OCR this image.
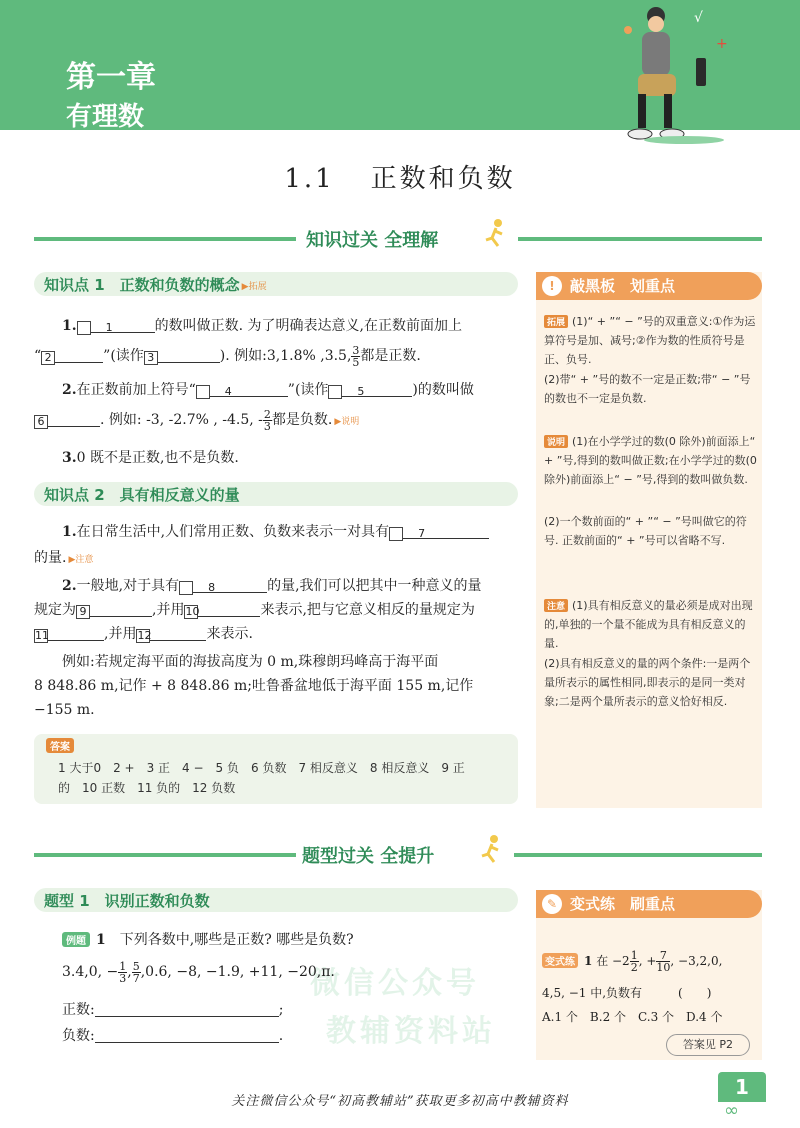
第一章
有理数
√
+
1.1 正数和负数
知识过关 全理解
知识点 1　正数和负数的概念 ▶拓展
1.	1	的数叫做正数. 为了明确表达意义,在正数前面加上
“ 2	”(读作 3	). 例如:3,1.8% ,3.5, $\frac{3}{5}$ 都是正数.
2.在正数前加上符号“	4	”(读作	5	)的数叫做
6	. 例如: -3, -2.7% , -4.5, - $\frac{2}{3}$ 都是负数. ▶说明
3.0 既不是正数,也不是负数.
知识点 2　具有相反意义的量
1.在日常生活中,人们常用正数、负数来表示一对具有	7
的量. ▶注意
2.一般地,对于具有	8	的量,我们可以把其中一种意义的量
规定为 9	,并用10	来表示,把与它意义相反的量规定为
11	,并用12	来表示.
例如:若规定海平面的海拔高度为 0 m,珠穆朗玛峰高于海平面
8 848.86 m,记作 + 8 848.86 m;吐鲁番盆地低于海平面 155 m,记作
−155 m.
答案
1 大于0　2 +　3 正　4 −　5 负　6 负数　7 相反意义　8 相反意义　9 正
的　10 正数　11 负的　12 负数
!	敲黑板　划重点
拓展 (1)“ + ”“ − ”号的双重意义:①作为运算符号是加、减号;②作为数的性质符号是正、负号.
(2)带“ + ”号的数不一定是正数;带“ − ”号的数也不一定是负数.
说明 (1)在小学学过的数(0 除外)前面添上“ + ”号,得到的数叫做正数;在小学学过的数(0 除外)前面添上“ − ”号,得到的数叫做负数.
(2)一个数前面的“ + ”“ − ”号叫做它的符号. 正数前面的“ + ”号可以省略不写.
注意 (1)具有相反意义的量必须是成对出现的,单独的一个量不能成为具有相反意义的量.
(2)具有相反意义的量的两个条件:一是两个量所表示的属性相同,即表示的是同一类对象;二是两个量所表示的意义恰好相反.
微信公众号
教辅资料站
题型过关 全提升
题型 1　识别正数和负数
例题 1　 下列各数中,哪些是正数? 哪些是负数?
3.4,0, − $\frac{1}{3}$ , $\frac{5}{7} ,0.6$, −8, −1.9, +11, −20,π.
正数:	;
负数:	.
✎ 变式练　刷重点
变式练 1 在 $-2 \frac{1}{2}$ , + $\frac{7}{10}$ , −3,2,0,
4,5, −1 中,负数有　　　(　　)
A.1 个　B.2 个　C.3 个　D.4 个
答案见 P2
1
∞
关注微信公众号“初高教辅站”获取更多初高中教辅资料
